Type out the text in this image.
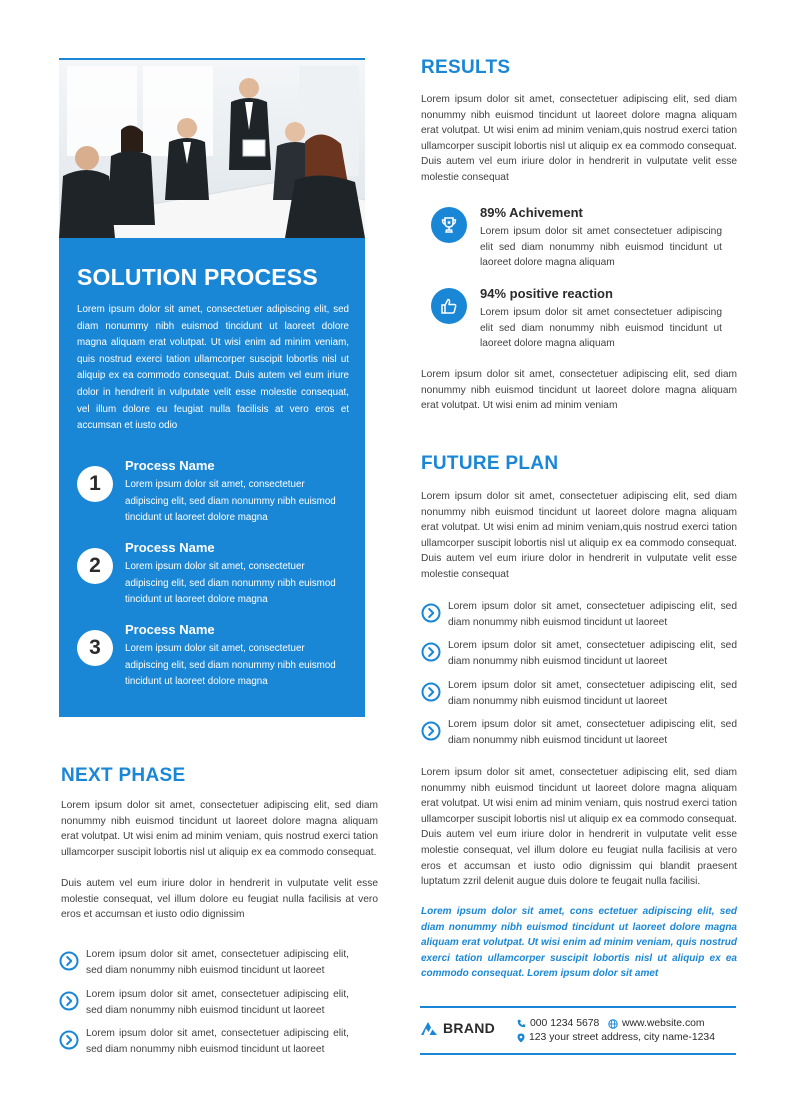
SOLUTION PROCESS
Lorem ipsum dolor sit amet, consectetuer adipiscing elit, sed diam nonummy nibh euismod tincidunt ut laoreet dolore magna aliquam erat volutpat. Ut wisi enim ad minim veniam, quis nostrud exerci tation ullamcorper suscipit lobortis nisl ut aliquip ex ea commodo consequat. Duis autem vel eum iriure dolor in hendrerit in vulputate velit esse molestie consequat, vel illum dolore eu feugiat nulla facilisis at vero eros et accumsan et iusto odio
1
Process Name
Lorem ipsum dolor sit amet, consectetuer adipiscing elit, sed diam nonummy nibh euismod tincidunt ut laoreet dolore magna
2
Process Name
Lorem ipsum dolor sit amet, consectetuer adipiscing elit, sed diam nonummy nibh euismod tincidunt ut laoreet dolore magna
3
Process Name
Lorem ipsum dolor sit amet, consectetuer adipiscing elit, sed diam nonummy nibh euismod tincidunt ut laoreet dolore magna
NEXT PHASE
Lorem ipsum dolor sit amet, consectetuer adipiscing elit, sed diam nonummy nibh euismod tincidunt ut laoreet dolore magna aliquam erat volutpat. Ut wisi enim ad minim veniam, quis nostrud exerci tation ullamcorper suscipit lobortis nisl ut aliquip ex ea commodo consequat.
Duis autem vel eum iriure dolor in hendrerit in vulputate velit esse molestie consequat, vel illum dolore eu feugiat nulla facilisis at vero eros et accumsan et iusto odio dignissim
Lorem ipsum dolor sit amet, consectetuer adipiscing elit, sed diam nonummy nibh euismod tincidunt ut laoreet
Lorem ipsum dolor sit amet, consectetuer adipiscing elit, sed diam nonummy nibh euismod tincidunt ut laoreet
Lorem ipsum dolor sit amet, consectetuer adipiscing elit, sed diam nonummy nibh euismod tincidunt ut laoreet
RESULTS
Lorem ipsum dolor sit amet, consectetuer adipiscing elit, sed diam nonummy nibh euismod tincidunt ut laoreet dolore magna aliquam erat volutpat. Ut wisi enim ad minim veniam,quis nostrud exerci tation ullamcorper suscipit lobortis nisl ut aliquip ex ea commodo consequat. Duis autem vel eum iriure dolor in hendrerit in vulputate velit esse molestie consequat
89% Achivement
Lorem ipsum dolor sit amet consectetuer adipiscing elit sed diam nonummy nibh euismod tincidunt ut laoreet dolore magna aliquam
94% positive reaction
Lorem ipsum dolor sit amet consectetuer adipiscing elit sed diam nonummy nibh euismod tincidunt ut laoreet dolore magna aliquam
Lorem ipsum dolor sit amet, consectetuer adipiscing elit, sed diam nonummy nibh euismod tincidunt ut laoreet dolore magna aliquam erat volutpat. Ut wisi enim ad minim veniam
FUTURE PLAN
Lorem ipsum dolor sit amet, consectetuer adipiscing elit, sed diam nonummy nibh euismod tincidunt ut laoreet dolore magna aliquam erat volutpat. Ut wisi enim ad minim veniam,quis nostrud exerci tation ullamcorper suscipit lobortis nisl ut aliquip ex ea commodo consequat. Duis autem vel eum iriure dolor in hendrerit in vulputate velit esse molestie consequat
Lorem ipsum dolor sit amet, consectetuer adipiscing elit, sed diam nonummy nibh euismod tincidunt ut laoreet
Lorem ipsum dolor sit amet, consectetuer adipiscing elit, sed diam nonummy nibh euismod tincidunt ut laoreet
Lorem ipsum dolor sit amet, consectetuer adipiscing elit, sed diam nonummy nibh euismod tincidunt ut laoreet
Lorem ipsum dolor sit amet, consectetuer adipiscing elit, sed diam nonummy nibh euismod tincidunt ut laoreet
Lorem ipsum dolor sit amet, consectetuer adipiscing elit, sed diam nonummy nibh euismod tincidunt ut laoreet dolore magna aliquam erat volutpat. Ut wisi enim ad minim veniam, quis nostrud exerci tation ullamcorper suscipit lobortis nisl ut aliquip ex ea commodo consequat. Duis autem vel eum iriure dolor in hendrerit in vulputate velit esse molestie consequat, vel illum dolore eu feugiat nulla facilisis at vero eros et accumsan et iusto odio dignissim qui blandit praesent luptatum zzril delenit augue duis dolore te feugait nulla facilisi.
Lorem ipsum dolor sit amet, cons ectetuer adipiscing elit, sed diam nonummy nibh euismod tincidunt ut laoreet dolore magna aliquam erat volutpat. Ut wisi enim ad minim veniam, quis nostrud exerci tation ullamcorper suscipit lobortis nisl ut aliquip ex ea commodo consequat. Lorem ipsum dolor sit amet
BRAND	000 1234 5678 www.website.com
123 your street address, city name-1234
